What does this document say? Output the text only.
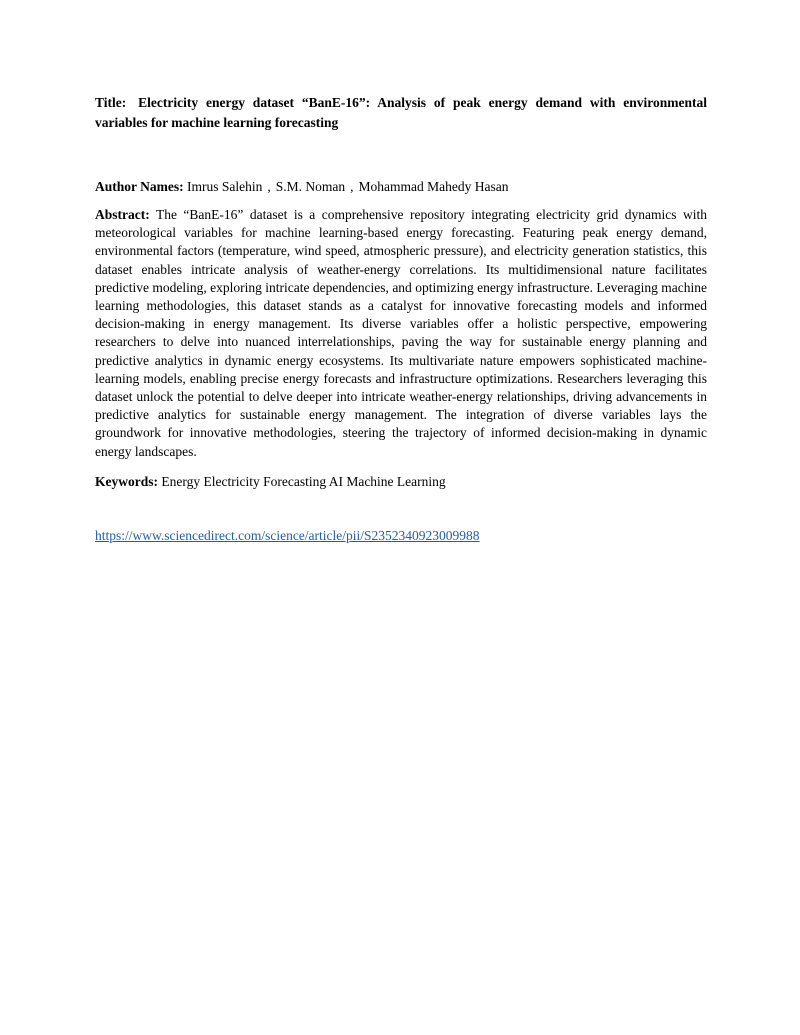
Title: Electricity energy dataset “BanE-16”: Analysis of peak energy demand with environmental variables for machine learning forecasting

Author Names: Imrus Salehin , S.M. Noman , Mohammad Mahedy Hasan

Abstract: The “BanE-16” dataset is a comprehensive repository integrating electricity grid dynamics with meteorological variables for machine learning-based energy forecasting. Featuring peak energy demand, environmental factors (temperature, wind speed, atmospheric pressure), and electricity generation statistics, this dataset enables intricate analysis of weather-energy correlations. Its multidimensional nature facilitates predictive modeling, exploring intricate dependencies, and optimizing energy infrastructure. Leveraging machine learning methodologies, this dataset stands as a catalyst for innovative forecasting models and informed decision-making in energy management. Its diverse variables offer a holistic perspective, empowering researchers to delve into nuanced interrelationships, paving the way for sustainable energy planning and predictive analytics in dynamic energy ecosystems. Its multivariate nature empowers sophisticated machine-learning models, enabling precise energy forecasts and infrastructure optimizations. Researchers leveraging this dataset unlock the potential to delve deeper into intricate weather-energy relationships, driving advancements in predictive analytics for sustainable energy management. The integration of diverse variables lays the groundwork for innovative methodologies, steering the trajectory of informed decision-making in dynamic energy landscapes.

Keywords: Energy Electricity Forecasting AI Machine Learning
https://www.sciencedirect.com/science/article/pii/S2352340923009988
